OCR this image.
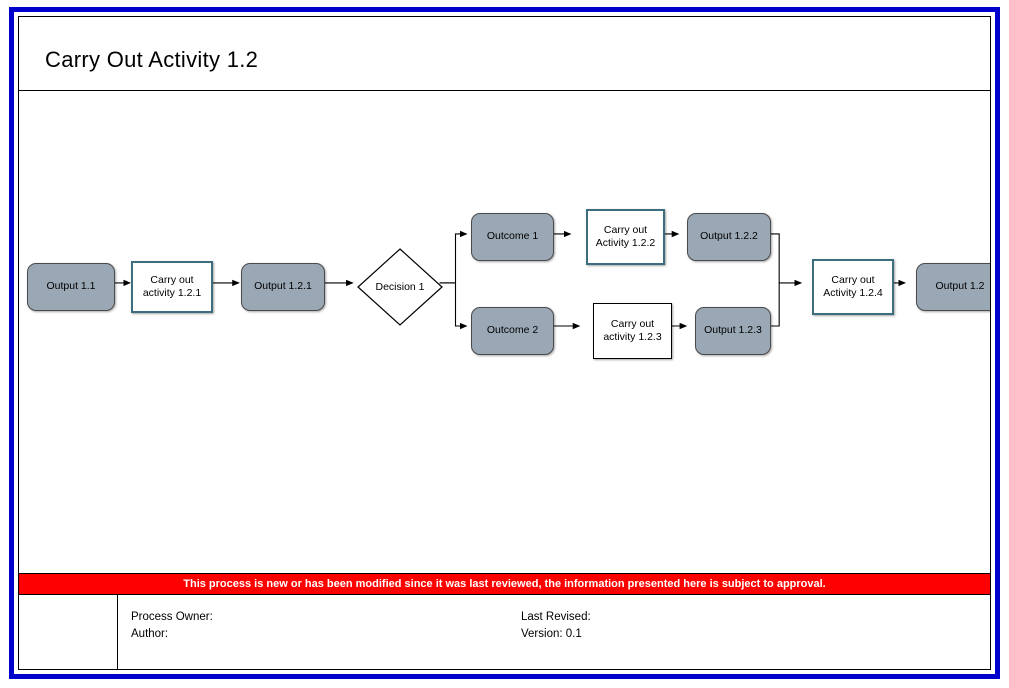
Carry Out Activity 1.2
Output 1.1
Carry out activity 1.2.1
Output 1.2.1	Decision 1
Outcome 1
Carry out Activity 1.2.2
Output 1.2.2
Outcome 2
Carry out activity 1.2.3
Output 1.2.3
Carry out Activity 1.2.4
Output 1.2
This process is new or has been modified since it was last reviewed, the information presented here is subject to approval.
Process Owner:
Author:
Last Revised:
Version: 0.1
